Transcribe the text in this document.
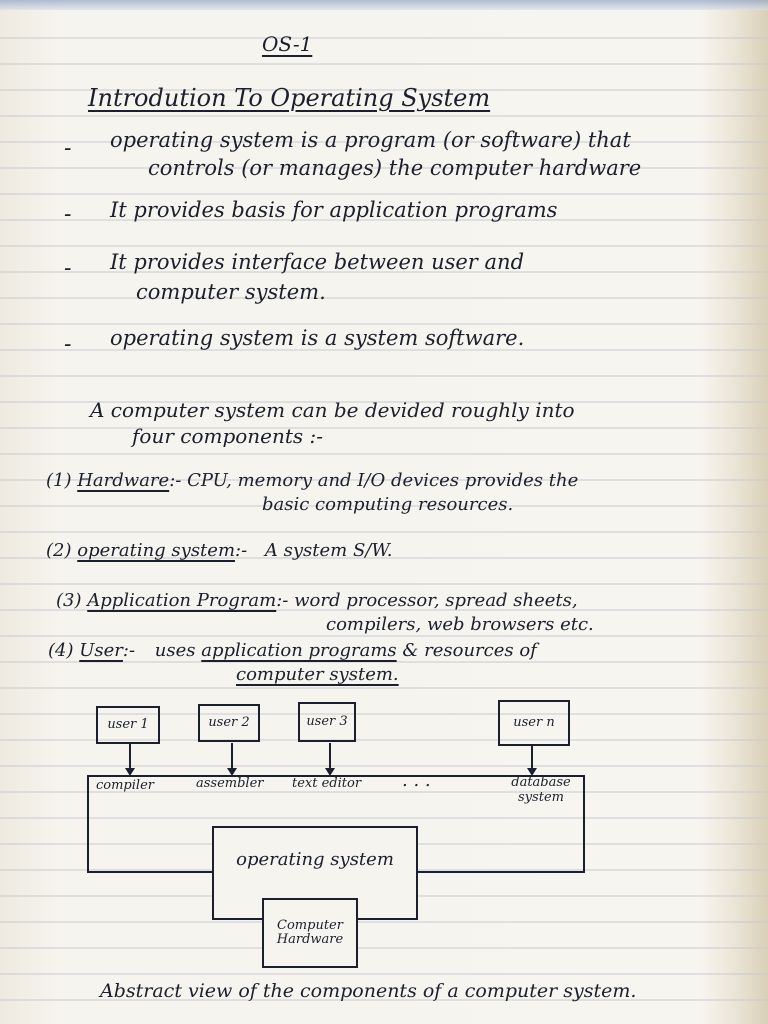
OS-1
Introdution To Operating System
- operating system is a program (or software) that
controls (or manages) the computer hardware
- It provides basis for application programs
- It provides interface between user and
computer system.
- operating system is a system software.
A computer system can be devided roughly into
four components :-
(1) Hardware:- CPU, memory and I/O devices provides the
basic computing resources.
(2) operating system:- A system S/W.
(3) Application Program:- word processor, spread sheets,
compilers, web browsers etc.
(4) User:- uses application programs & resources of
computer system.
user 1	user 2	user 3	user n
compiler	assembler text editor . . .	database system
operating system
Computer Hardware
Abstract view of the components of a computer system.
